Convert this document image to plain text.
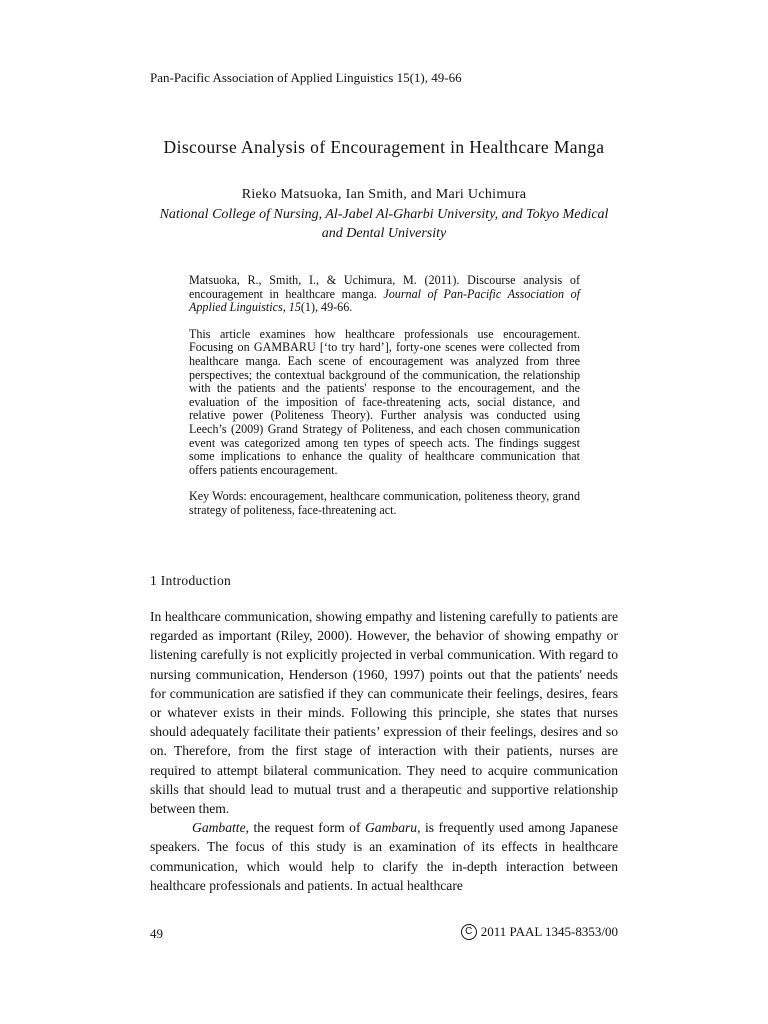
Pan-Pacific Association of Applied Linguistics 15(1), 49-66
Discourse Analysis of Encouragement in Healthcare Manga
Rieko Matsuoka, Ian Smith, and Mari Uchimura
National College of Nursing, Al-Jabel Al-Gharbi University, and Tokyo Medical and Dental University

Matsuoka, R., Smith, I., & Uchimura, M. (2011). Discourse analysis of encouragement in healthcare manga. Journal of Pan-Pacific Association of Applied Linguistics, 15(1), 49-66.

This article examines how healthcare professionals use encouragement. Focusing on GAMBARU [‘to try hard’], forty-one scenes were collected from healthcare manga. Each scene of encouragement was analyzed from three perspectives; the contextual background of the communication, the relationship with the patients and the patients' response to the encouragement, and the evaluation of the imposition of face-threatening acts, social distance, and relative power (Politeness Theory). Further analysis was conducted using Leech’s (2009) Grand Strategy of Politeness, and each chosen communication event was categorized among ten types of speech acts. The findings suggest some implications to enhance the quality of healthcare communication that offers patients encouragement.

Key Words: encouragement, healthcare communication, politeness theory, grand strategy of politeness, face-threatening act.

1 Introduction

In healthcare communication, showing empathy and listening carefully to patients are regarded as important (Riley, 2000). However, the behavior of showing empathy or listening carefully is not explicitly projected in verbal communication. With regard to nursing communication, Henderson (1960, 1997) points out that the patients' needs for communication are satisfied if they can communicate their feelings, desires, fears or whatever exists in their minds. Following this principle, she states that nurses should adequately facilitate their patients’ expression of their feelings, desires and so on. Therefore, from the first stage of interaction with their patients, nurses are required to attempt bilateral communication. They need to acquire communication skills that should lead to mutual trust and a therapeutic and supportive relationship between them.

Gambatte, the request form of Gambaru, is frequently used among Japanese speakers. The focus of this study is an examination of its effects in healthcare communication, which would help to clarify the in-depth interaction between healthcare professionals and patients. In actual healthcare

49	C 2011 PAAL 1345-8353/00
